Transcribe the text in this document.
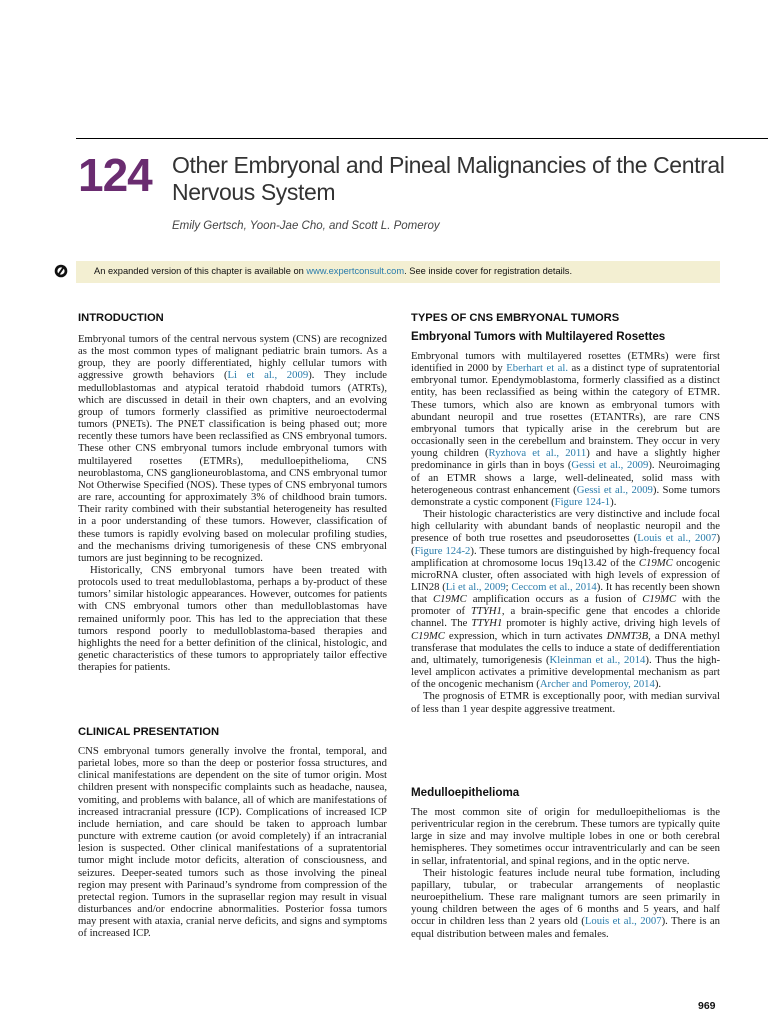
124 Other Embryonal and Pineal Malignancies of the Central Nervous System
Emily Gertsch, Yoon-Jae Cho, and Scott L. Pomeroy
An expanded version of this chapter is available on www.expertconsult.com. See inside cover for registration details.
INTRODUCTION

Embryonal tumors of the central nervous system (CNS) are recognized as the most common types of malignant pediatric brain tumors. As a group, they are poorly differentiated, highly cellular tumors with aggressive growth behaviors (Li et al., 2009). They include medulloblastomas and atypical teratoid rhabdoid tumors (ATRTs), which are discussed in detail in their own chapters, and an evolving group of tumors formerly classified as primitive neuroectodermal tumors (PNETs). The PNET classification is being phased out; more recently these tumors have been reclassified as CNS embryonal tumors. These other CNS embryonal tumors include embryonal tumors with multilayered rosettes (ETMRs), medulloepithelioma, CNS neuroblastoma, CNS ganglioneuroblastoma, and CNS embryonal tumor Not Otherwise Specified (NOS). These types of CNS embryonal tumors are rare, accounting for approximately 3% of childhood brain tumors. Their rarity combined with their substantial heterogeneity has resulted in a poor understanding of these tumors. However, classification of these tumors is rapidly evolving based on molecular profiling studies, and the mechanisms driving tumorigenesis of these CNS embryonal tumors are just beginning to be recognized.

Historically, CNS embryonal tumors have been treated with protocols used to treat medulloblastoma, perhaps a by-product of these tumors’ similar histologic appearances. However, outcomes for patients with CNS embryonal tumors other than medulloblastomas have remained uniformly poor. This has led to the appreciation that these tumors respond poorly to medulloblastoma-based therapies and highlights the need for a better definition of the clinical, histologic, and genetic characteristics of these tumors to appropriately tailor effective therapies for patients.

CLINICAL PRESENTATION

CNS embryonal tumors generally involve the frontal, temporal, and parietal lobes, more so than the deep or posterior fossa structures, and clinical manifestations are dependent on the site of tumor origin. Most children present with nonspecific complaints such as headache, nausea, vomiting, and problems with balance, all of which are manifestations of increased intracranial pressure (ICP). Complications of increased ICP include herniation, and care should be taken to approach lumbar puncture with extreme caution (or avoid completely) if an intracranial lesion is suspected. Other clinical manifestations of a supratentorial tumor might include motor deficits, alteration of consciousness, and seizures. Deeper-seated tumors such as those involving the pineal region may present with Parinaud’s syndrome from compression of the pretectal region. Tumors in the suprasellar region may result in visual disturbances and/or endocrine abnormalities. Posterior fossa tumors may present with ataxia, cranial nerve deficits, and signs and symptoms of increased ICP.

TYPES OF CNS EMBRYONAL TUMORS
Embryonal Tumors with Multilayered Rosettes

Embryonal tumors with multilayered rosettes (ETMRs) were first identified in 2000 by Eberhart et al. as a distinct type of supratentorial embryonal tumor. Ependymoblastoma, formerly classified as a distinct entity, has been reclassified as being within the category of ETMR. These tumors, which also are known as embryonal tumors with abundant neuropil and true rosettes (ETANTRs), are rare CNS embryonal tumors that typically arise in the cerebrum but are occasionally seen in the cerebellum and brainstem. They occur in very young children (Ryzhova et al., 2011) and have a slightly higher predominance in girls than in boys (Gessi et al., 2009). Neuroimaging of an ETMR shows a large, well-delineated, solid mass with heterogeneous contrast enhancement (Gessi et al., 2009). Some tumors demonstrate a cystic component (Figure 124-1).

Their histologic characteristics are very distinctive and include focal high cellularity with abundant bands of neoplastic neuropil and the presence of both true rosettes and pseudorosettes (Louis et al., 2007) (Figure 124-2). These tumors are distinguished by high-frequency focal amplification at chromosome locus 19q13.42 of the C19MC oncogenic microRNA cluster, often associated with high levels of expression of LIN28 (Li et al., 2009; Ceccom et al., 2014). It has recently been shown that C19MC amplification occurs as a fusion of C19MC with the promoter of TTYH1, a brain-specific gene that encodes a chloride channel. The TTYH1 promoter is highly active, driving high levels of C19MC expression, which in turn activates DNMT3B, a DNA methyl transferase that modulates the cells to induce a state of dedifferentiation and, ultimately, tumorigenesis (Kleinman et al., 2014). Thus the high-level amplicon activates a primitive developmental mechanism as part of the oncogenic mechanism (Archer and Pomeroy, 2014).

The prognosis of ETMR is exceptionally poor, with median survival of less than 1 year despite aggressive treatment.

Medulloepithelioma

The most common site of origin for medulloepitheliomas is the periventricular region in the cerebrum. These tumors are typically quite large in size and may involve multiple lobes in one or both cerebral hemispheres. They sometimes occur intraventricularly and can be seen in sellar, infratentorial, and spinal regions, and in the optic nerve.

Their histologic features include neural tube formation, including papillary, tubular, or trabecular arrangements of neoplastic neuroepithelium. These rare malignant tumors are seen primarily in young children between the ages of 6 months and 5 years, and half occur in children less than 2 years old (Louis et al., 2007). There is an equal distribution between males and females.

969
